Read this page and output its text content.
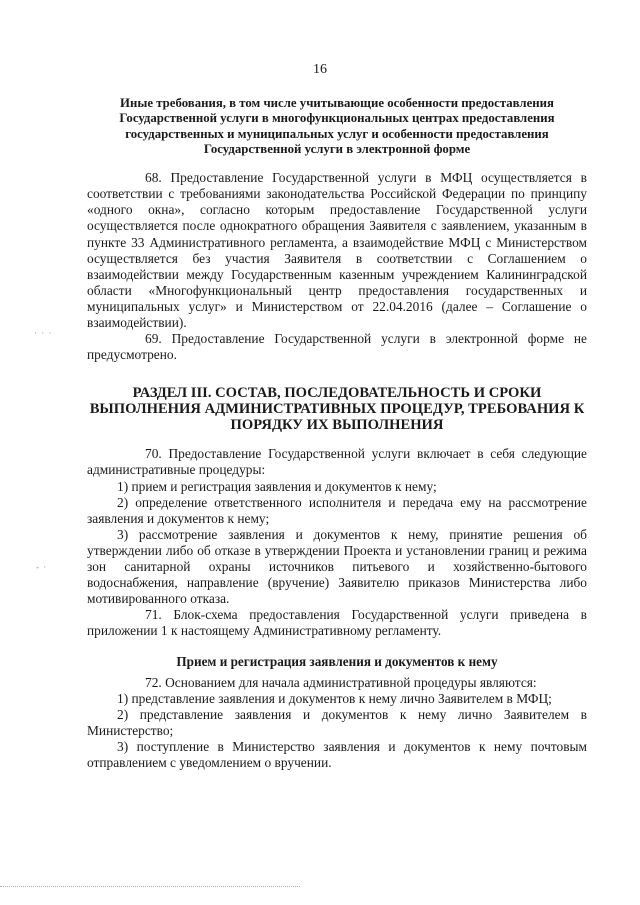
16
· · ·
- ·

Иные требования, в том числе учитывающие особенности предоставления Государственной услуги в многофункциональных центрах предоставления государственных и муниципальных услуг и особенности предоставления Государственной услуги в электронной форме

68. Предоставление Государственной услуги в МФЦ осуществляется в соответствии с требованиями законодательства Российской Федерации по принципу «одного окна», согласно которым предоставление Государственной услуги осуществляется после однократного обращения Заявителя с заявлением, указанным в пункте 33 Административного регламента, а взаимодействие МФЦ с Министерством осуществляется без участия Заявителя в соответствии с Соглашением о взаимодействии между Государственным казенным учреждением Калининградской области «Многофункциональный центр предоставления государственных и муниципальных услуг» и Министерством от 22.04.2016 (далее – Соглашение о взаимодействии).

69. Предоставление Государственной услуги в электронной форме не предусмотрено.

РАЗДЕЛ III. СОСТАВ, ПОСЛЕДОВАТЕЛЬНОСТЬ И СРОКИ ВЫПОЛНЕНИЯ АДМИНИСТРАТИВНЫХ ПРОЦЕДУР, ТРЕБОВАНИЯ К ПОРЯДКУ ИХ ВЫПОЛНЕНИЯ

70. Предоставление Государственной услуги включает в себя следующие административные процедуры:

1) прием и регистрация заявления и документов к нему;

2) определение ответственного исполнителя и передача ему на рассмотрение заявления и документов к нему;

3) рассмотрение заявления и документов к нему, принятие решения об утверждении либо об отказе в утверждении Проекта и установлении границ и режима зон санитарной охраны источников питьевого и хозяйственно-бытового водоснабжения, направление (вручение) Заявителю приказов Министерства либо мотивированного отказа.

71. Блок-схема предоставления Государственной услуги приведена в приложении 1 к настоящему Административному регламенту.

Прием и регистрация заявления и документов к нему

72. Основанием для начала административной процедуры являются:

1) представление заявления и документов к нему лично Заявителем в МФЦ;

2) представление заявления и документов к нему лично Заявителем в Министерство;

3) поступление в Министерство заявления и документов к нему почтовым отправлением с уведомлением о вручении.
